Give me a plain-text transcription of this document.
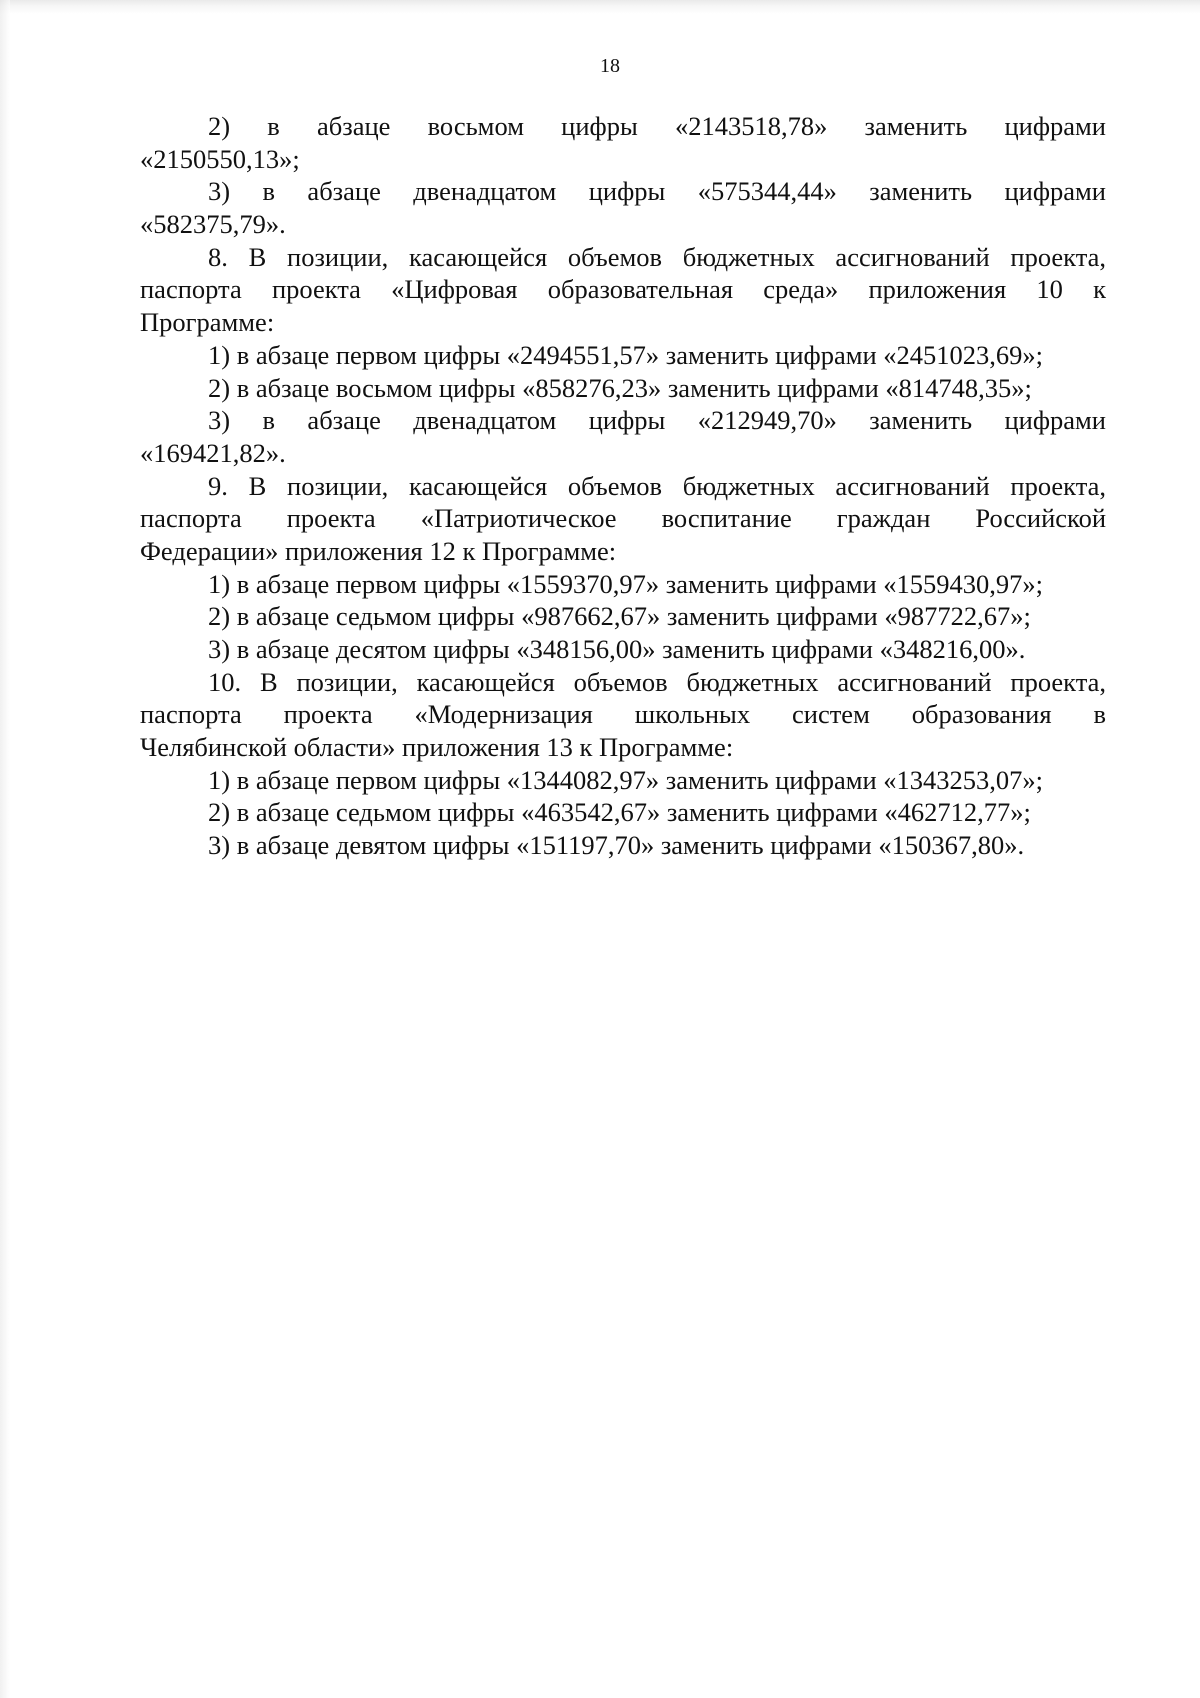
18
2) в абзаце восьмом цифры «2143518,78» заменить цифрами
«2150550,13»;
3) в абзаце двенадцатом цифры «575344,44» заменить цифрами
«582375,79».
8. В позиции, касающейся объемов бюджетных ассигнований проекта,
паспорта проекта «Цифровая образовательная среда» приложения 10 к
Программе:
1) в абзаце первом цифры «2494551,57» заменить цифрами «2451023,69»;
2) в абзаце восьмом цифры «858276,23» заменить цифрами «814748,35»;
3) в абзаце двенадцатом цифры «212949,70» заменить цифрами
«169421,82».
9. В позиции, касающейся объемов бюджетных ассигнований проекта,
паспорта проекта «Патриотическое воспитание граждан Российской
Федерации» приложения 12 к Программе:
1) в абзаце первом цифры «1559370,97» заменить цифрами «1559430,97»;
2) в абзаце седьмом цифры «987662,67» заменить цифрами «987722,67»;
3) в абзаце десятом цифры «348156,00» заменить цифрами «348216,00».
10. В позиции, касающейся объемов бюджетных ассигнований проекта,
паспорта проекта «Модернизация школьных систем образования в
Челябинской области» приложения 13 к Программе:
1) в абзаце первом цифры «1344082,97» заменить цифрами «1343253,07»;
2) в абзаце седьмом цифры «463542,67» заменить цифрами «462712,77»;
3) в абзаце девятом цифры «151197,70» заменить цифрами «150367,80».
